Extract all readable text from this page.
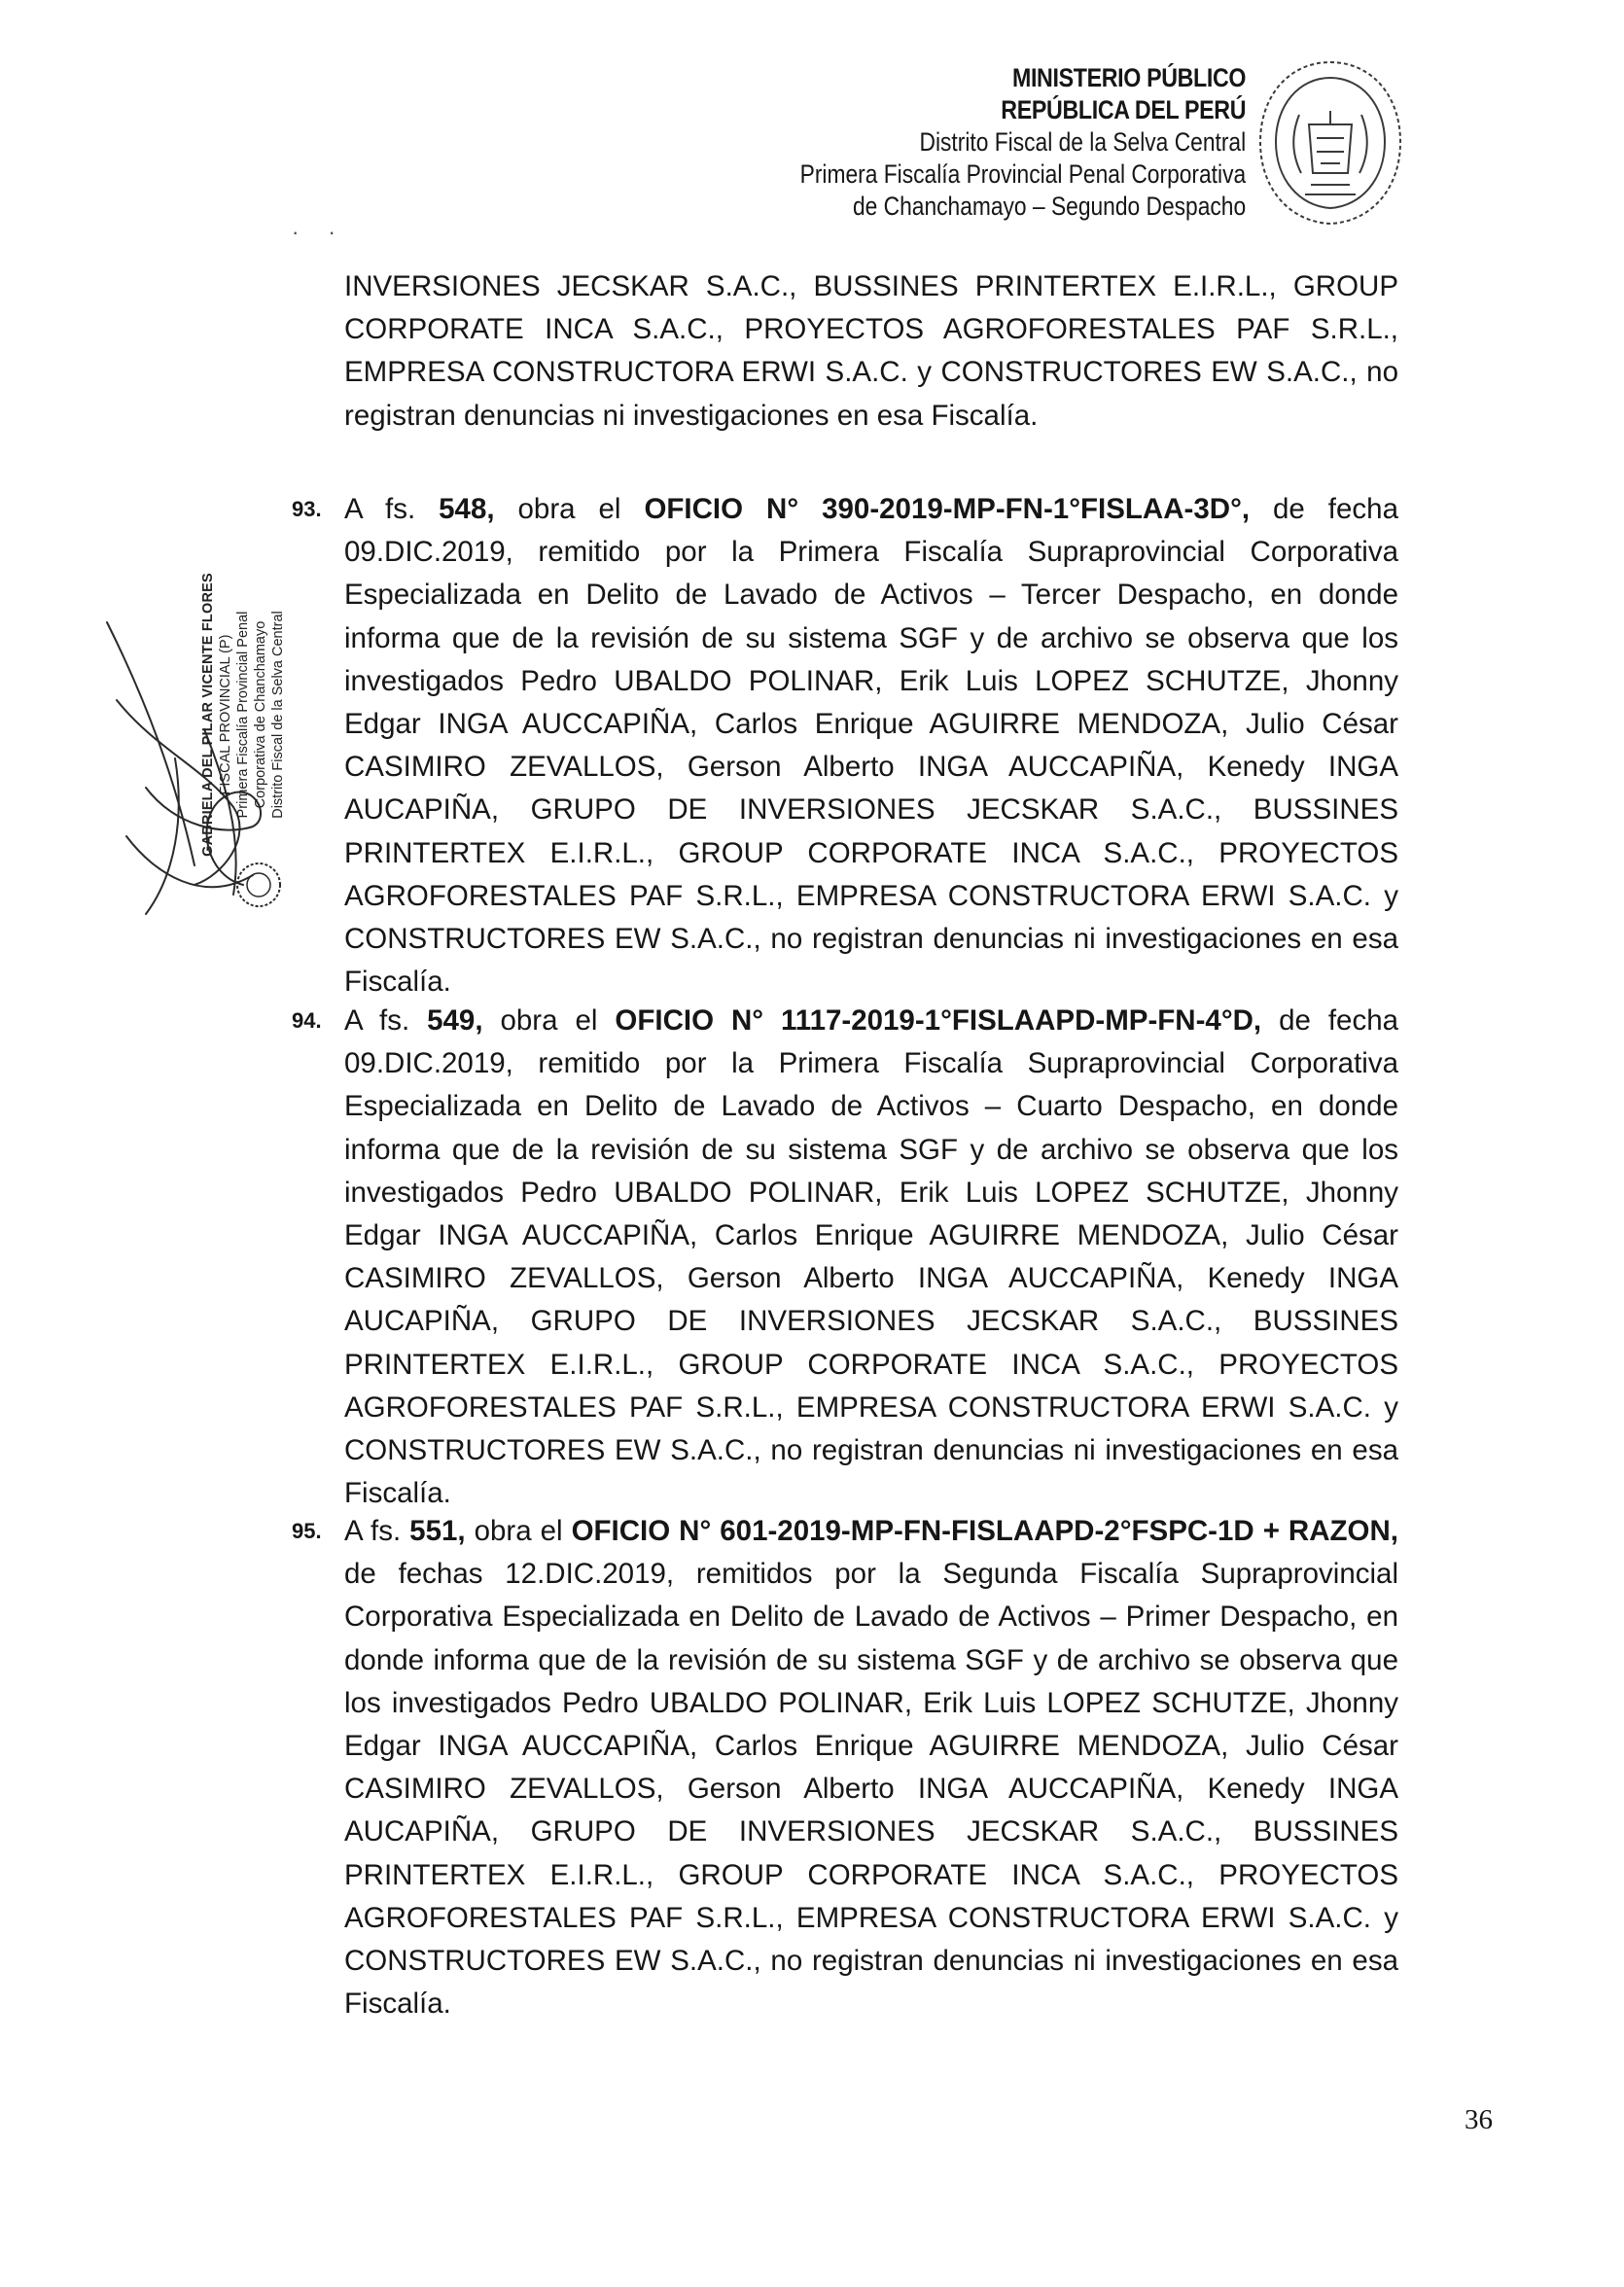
MINISTERIO PÚBLICO
REPÚBLICA DEL PERÚ
Distrito Fiscal de la Selva Central
Primera Fiscalía Provincial Penal Corporativa
de Chanchamayo – Segundo Despacho
· ·

INVERSIONES JECSKAR S.A.C., BUSSINES PRINTERTEX E.I.R.L., GROUP CORPORATE INCA S.A.C., PROYECTOS AGROFORESTALES PAF S.R.L., EMPRESA CONSTRUCTORA ERWI S.A.C. y CONSTRUCTORES EW S.A.C., no registran denuncias ni investigaciones en esa Fiscalía.

93. A fs. 548, obra el OFICIO N° 390-2019-MP-FN-1°FISLAA-3D°, de fecha 09.DIC.2019, remitido por la Primera Fiscalía Supraprovincial Corporativa Especializada en Delito de Lavado de Activos – Tercer Despacho, en donde informa que de la revisión de su sistema SGF y de archivo se observa que los investigados Pedro UBALDO POLINAR, Erik Luis LOPEZ SCHUTZE, Jhonny Edgar INGA AUCCAPIÑA, Carlos Enrique AGUIRRE MENDOZA, Julio César CASIMIRO ZEVALLOS, Gerson Alberto INGA AUCCAPIÑA, Kenedy INGA AUCAPIÑA, GRUPO DE INVERSIONES JECSKAR S.A.C., BUSSINES PRINTERTEX E.I.R.L., GROUP CORPORATE INCA S.A.C., PROYECTOS AGROFORESTALES PAF S.R.L., EMPRESA CONSTRUCTORA ERWI S.A.C. y CONSTRUCTORES EW S.A.C., no registran denuncias ni investigaciones en esa Fiscalía.

94. A fs. 549, obra el OFICIO N° 1117-2019-1°FISLAAPD-MP-FN-4°D, de fecha 09.DIC.2019, remitido por la Primera Fiscalía Supraprovincial Corporativa Especializada en Delito de Lavado de Activos – Cuarto Despacho, en donde informa que de la revisión de su sistema SGF y de archivo se observa que los investigados Pedro UBALDO POLINAR, Erik Luis LOPEZ SCHUTZE, Jhonny Edgar INGA AUCCAPIÑA, Carlos Enrique AGUIRRE MENDOZA, Julio César CASIMIRO ZEVALLOS, Gerson Alberto INGA AUCCAPIÑA, Kenedy INGA AUCAPIÑA, GRUPO DE INVERSIONES JECSKAR S.A.C., BUSSINES PRINTERTEX E.I.R.L., GROUP CORPORATE INCA S.A.C., PROYECTOS AGROFORESTALES PAF S.R.L., EMPRESA CONSTRUCTORA ERWI S.A.C. y CONSTRUCTORES EW S.A.C., no registran denuncias ni investigaciones en esa Fiscalía.

95. A fs. 551, obra el OFICIO N° 601-2019-MP-FN-FISLAAPD-2°FSPC-1D + RAZON, de fechas 12.DIC.2019, remitidos por la Segunda Fiscalía Supraprovincial Corporativa Especializada en Delito de Lavado de Activos – Primer Despacho, en donde informa que de la revisión de su sistema SGF y de archivo se observa que los investigados Pedro UBALDO POLINAR, Erik Luis LOPEZ SCHUTZE, Jhonny Edgar INGA AUCCAPIÑA, Carlos Enrique AGUIRRE MENDOZA, Julio César CASIMIRO ZEVALLOS, Gerson Alberto INGA AUCCAPIÑA, Kenedy INGA AUCAPIÑA, GRUPO DE INVERSIONES JECSKAR S.A.C., BUSSINES PRINTERTEX E.I.R.L., GROUP CORPORATE INCA S.A.C., PROYECTOS AGROFORESTALES PAF S.R.L., EMPRESA CONSTRUCTORA ERWI S.A.C. y CONSTRUCTORES EW S.A.C., no registran denuncias ni investigaciones en esa Fiscalía.

GABRIELA DEL PILAR VICENTE FLORES FISCAL PROVINCIAL (P) Primera Fiscalía Provincial Penal Corporativa de Chanchamayo Distrito Fiscal de la Selva Central
36
